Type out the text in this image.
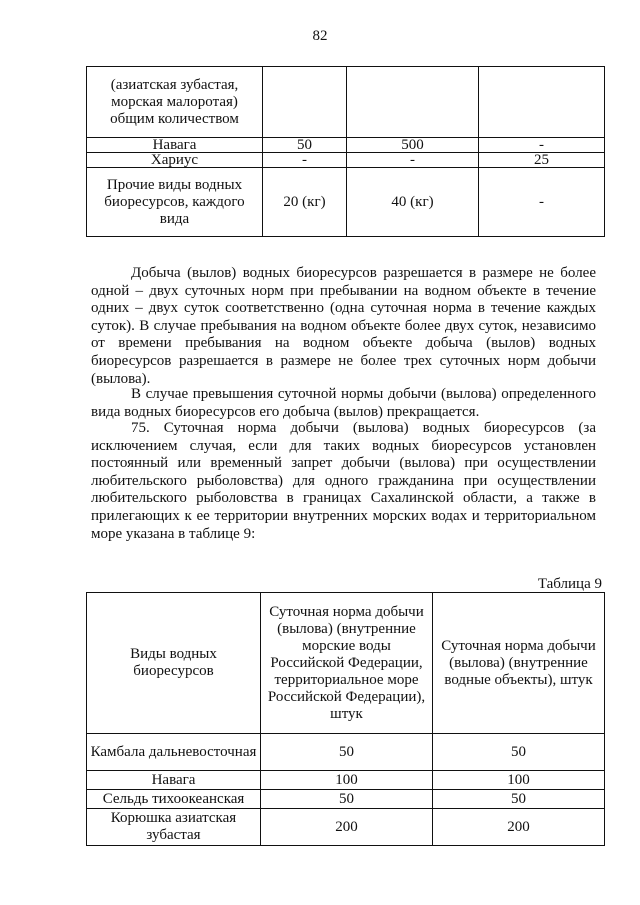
82
(азиатская зубастая, морская малоротая) общим количеством			
Навага	50	500	-
Хариус	-	-	25
Прочие виды водных биоресурсов, каждого вида	20 (кг)	40 (кг)	-

Добыча (вылов) водных биоресурсов разрешается в размере не более одной – двух суточных норм при пребывании на водном объекте в течение одних – двух суток соответственно (одна суточная норма в течение каждых суток). В случае пребывания на водном объекте более двух суток, независимо от времени пребывания на водном объекте добыча (вылов) водных биоресурсов разрешается в размере не более трех суточных норм добычи (вылова).

В случае превышения суточной нормы добычи (вылова) определенного вида водных биоресурсов его добыча (вылов) прекращается.

75. Суточная норма добычи (вылова) водных биоресурсов (за исключением случая, если для таких водных биоресурсов установлен постоянный или временный запрет добычи (вылова) при осуществлении любительского рыболовства) для одного гражданина при осуществлении любительского рыболовства в границах Сахалинской области, а также в прилегающих к ее территории внутренних морских водах и территориальном море указана в таблице 9:

Таблица 9
Виды водных биоресурсов	Суточная норма добычи (вылова) (внутренние морские воды Российской Федерации, территориальное море Российской Федерации), штук	Суточная норма добычи (вылова) (внутренние водные объекты), штук
Камбала дальневосточная	50	50
Навага	100	100
Сельдь тихоокеанская	50	50
Корюшка азиатская зубастая	200	200
